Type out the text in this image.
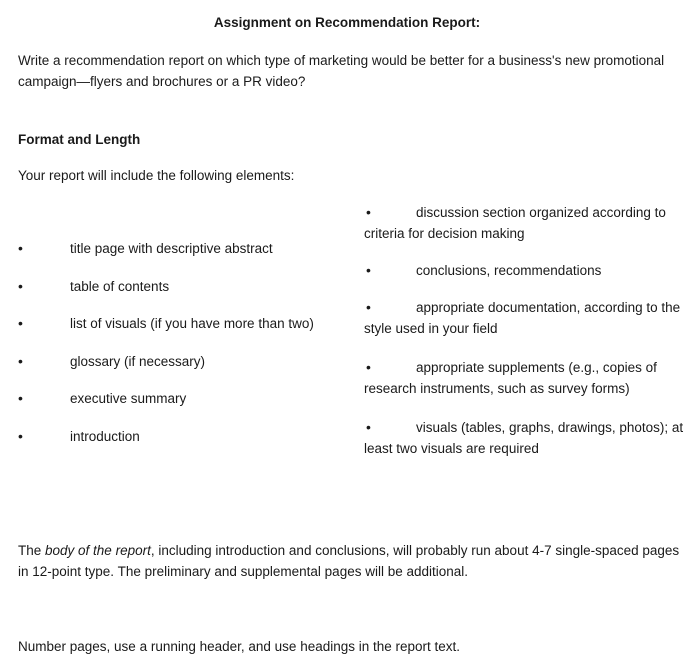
Assignment on Recommendation Report:

Write a recommendation report on which type of marketing would be better for a business's new promotional campaign—flyers and brochures or a PR video?

Format and Length

Your report will include the following elements:

•	title page with descriptive abstract
•	table of contents
•	list of visuals (if you have more than two)
•	glossary (if necessary)
•	executive summary
•	introduction
•	discussion section organized according to criteria for decision making
•	conclusions, recommendations
•	appropriate documentation, according to the style used in your field
•	appropriate supplements (e.g., copies of research instruments, such as survey forms)
•	visuals (tables, graphs, drawings, photos); at least two visuals are required

The body of the report, including introduction and conclusions, will probably run about 4-7 single-spaced pages in 12-point type. The preliminary and supplemental pages will be additional.

Number pages, use a running header, and use headings in the report text.
